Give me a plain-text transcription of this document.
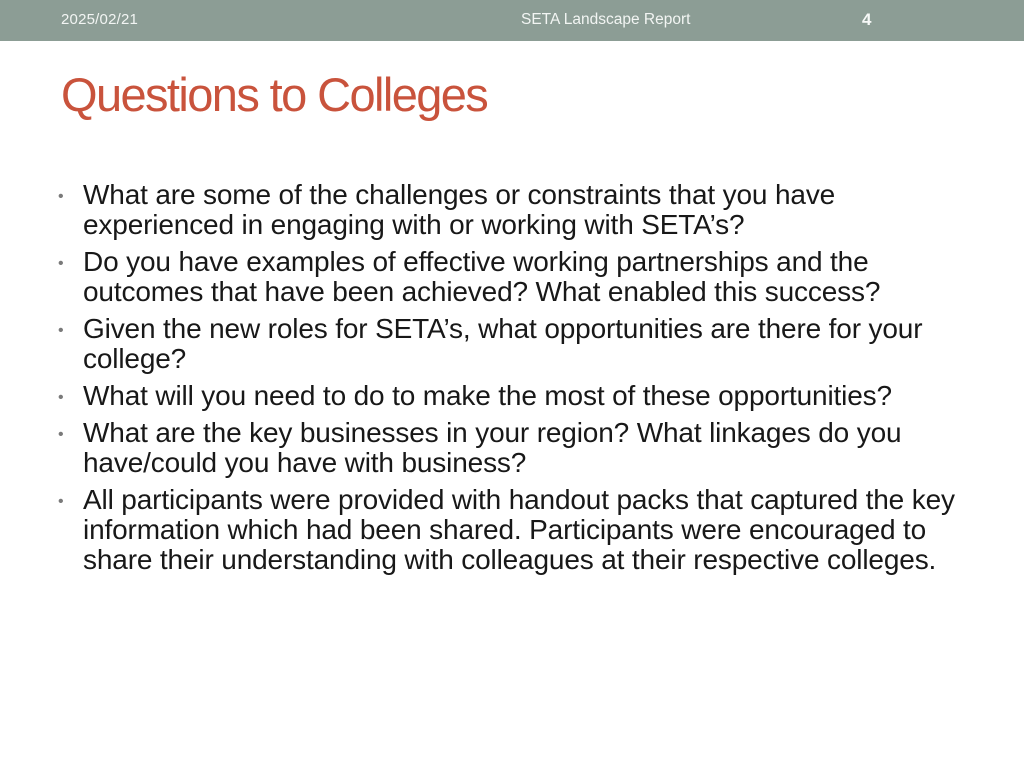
2025/02/21	SETA Landscape Report	4
Questions to Colleges
• What are some of the challenges or constraints that you have experienced in engaging with or working with SETA’s?
• Do you have examples of effective working partnerships and the outcomes that have been achieved? What enabled this success?
• Given the new roles for SETA’s, what opportunities are there for your college?
• What will you need to do to make the most of these opportunities?
• What are the key businesses in your region? What linkages do you have/could you have with business?
• All participants were provided with handout packs that captured the key information which had been shared. Participants were encouraged to share their understanding with colleagues at their respective colleges.
